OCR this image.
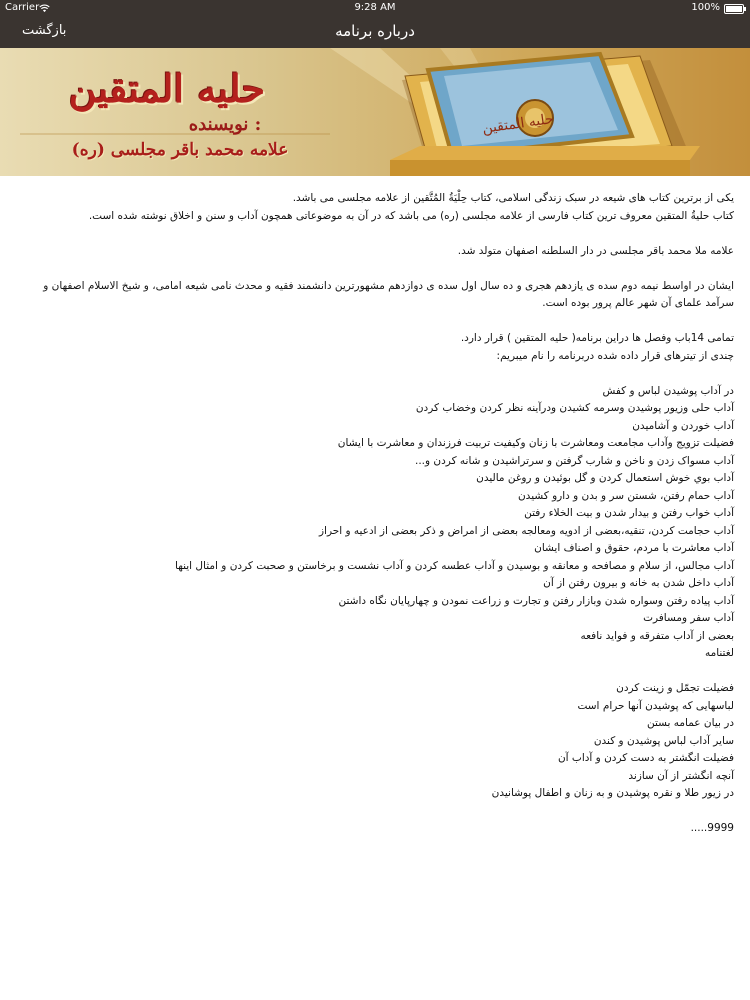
Carrier	9:28 AM	100%
بازگشت	درباره برنامه
حلیه المتقین
نویسنده :
علامه محمد باقر مجلسی (ره)
حلیه المتقین

یکی از برترین کتاب های شیعه در سبک زندگی اسلامی، کتاب حِلْيَةُ المُتَّقين از علامه مجلسی می باشد.

کتاب حلیةُ المتقین معروف ترین کتاب فارسی از علامه مجلسی (ره) می باشد که در آن به موضوعاتی همچون آداب و سنن و اخلاق نوشته شده است.

علامه ملا محمد باقر مجلسی در دار السلطنه اصفهان متولد شد.

ایشان در اواسط نیمه دوم سده ی یازدهم هجری و ده سال اول سده ی دوازدهم مشهورترین دانشمند فقیه و محدث نامی شیعه امامی، و شیخ الاسلام اصفهان و سرآمد علمای آن شهر عالم پرور بوده است.

تمامی 14باب وفصل ها دراین برنامه( حلیه المتقین ) قرار دارد.

چندی از تیترهای قرار داده شده دربرنامه را نام میبریم:

در آداب پوشیدن لباس و کفش

آداب حلی وزیور پوشیدن وسرمه کشیدن ودرآینه نظر کردن وخضاب کردن

آداب خوردن و آشامیدن

فضیلت تزویج وآداب مجامعت ومعاشرت با زنان وکیفیت تربیت فرزندان و معاشرت با ایشان

آداب مسواک زدن و ناخن و شارب گرفتن و سرتراشیدن و شانه کردن و...

آداب بوي خوش استعمال کردن و گل بوئیدن و روغن مالیدن

آداب حمام رفتن، شستن سر و بدن و دارو کشیدن

آداب خواب رفتن و بیدار شدن و بیت الخلاء رفتن

آداب حجامت کردن، تنقیه،بعضی از ادویه ومعالجه بعضی از امراض و ذکر بعضی از ادعیه و احراز

آداب معاشرت با مردم، حقوق و اصناف ایشان

آداب مجالس، از سلام و مصافحه و معانقه و بوسیدن و آداب عطسه کردن و آداب نشست و برخاستن و صحبت کردن و امثال اینها

آداب داخل شدن به خانه و بیرون رفتن از آن

آداب پیاده رفتن وسواره شدن وبازار رفتن و تجارت و زراعت نمودن و چهارپایان نگاه داشتن

آداب سفر ومسافرت

بعضی از آداب متفرقه و فواید نافعه

لغتنامه

فضیلت تجمّل و زینت کردن

لباسهایی که پوشیدن آنها حرام است

در بیان عمامه بستن

سایر آداب لباس پوشیدن و کندن

فضیلت انگشتر به دست کردن و آداب آن

آنچه انگشتر از آن سازند

در زیور طلا و نقره پوشیدن و به زنان و اطفال پوشانیدن

9999.....
